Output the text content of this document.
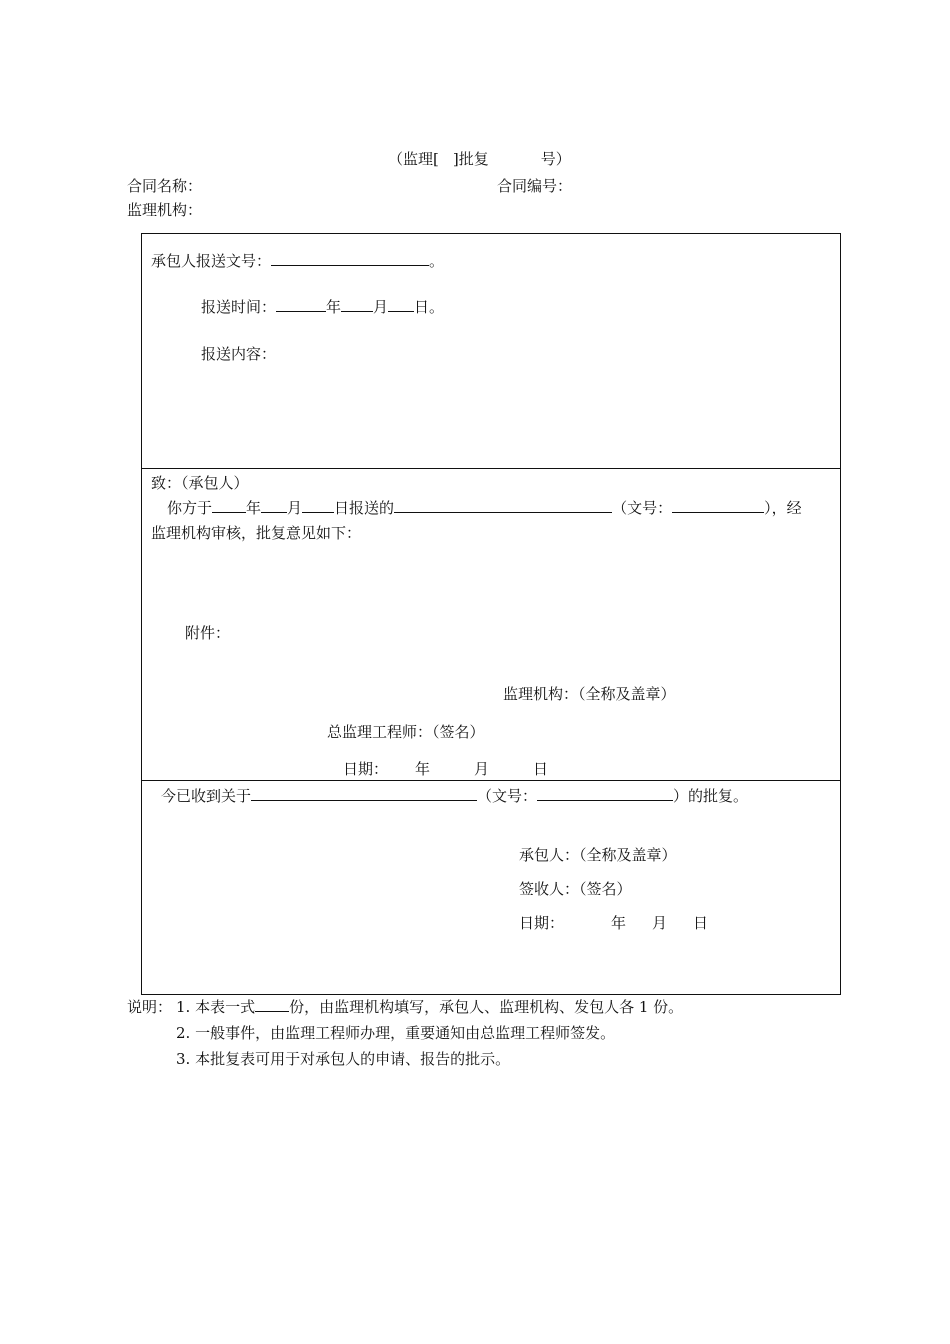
（监理[ ]批复	号）
合同名称：	合同编号：
监理机构：
承包人报送文号：	。
报送时间：	年 月 日。
报送内容：
致：（承包人）
你方于 年 月 日报送的	（文号：	），经
监理机构审核，批复意见如下：
附件：
监理机构：（全称及盖章）
总监理工程师：（签名）
日期： 年	月	日
今已收到关于	（文号：	）的批复。
承包人：（全称及盖章）
签收人：（签名）
日期：	年 月 日
说明： 1. 本表一式 份，由监理机构填写，承包人、监理机构、发包人各 1 份。
2. 一般事件，由监理工程师办理，重要通知由总监理工程师签发。
3. 本批复表可用于对承包人的申请、报告的批示。
